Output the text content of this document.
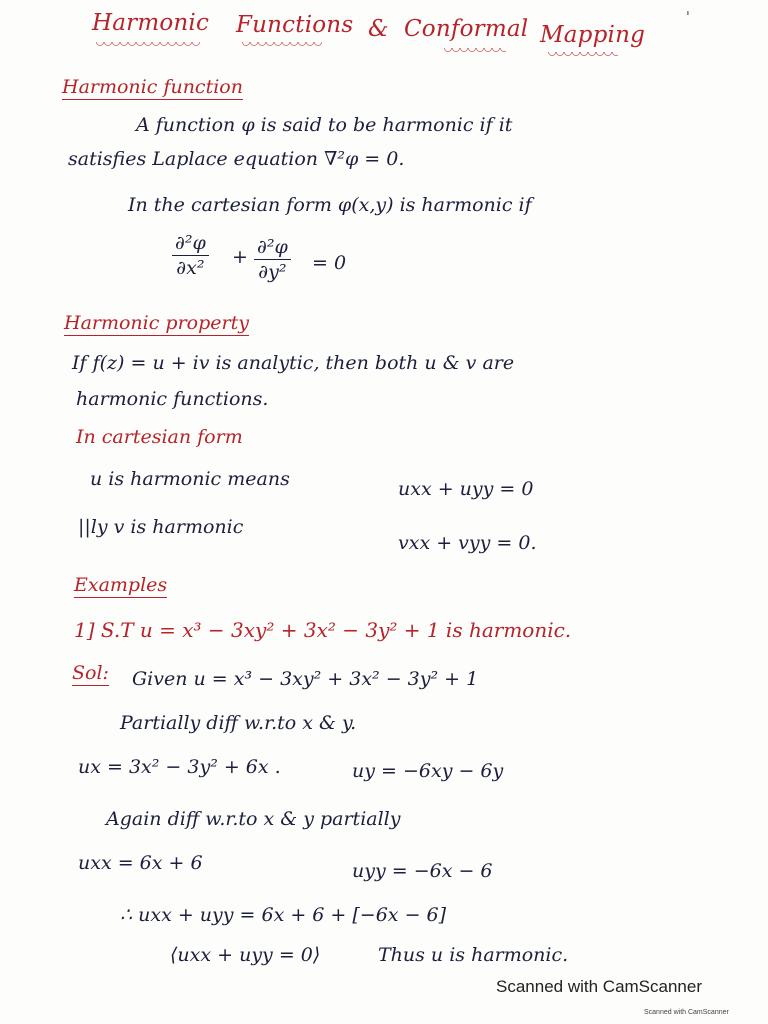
Harmonic Functions & Conformal Mapping
ˈ
Harmonic function
A function φ is said to be harmonic if it
satisfies Laplace equation ∇²φ = 0.
In the cartesian form φ(x,y) is harmonic if
$\frac{\text{∂²φ}}{\text{∂x²}} + \frac{\text{∂²φ}}{\text{∂y²}} = 0$
Harmonic property
If f(z) = u + iv is analytic, then both u & v are
harmonic functions.
In cartesian form
u is harmonic means	uxx + uyy = 0
||ly v is harmonic
vxx + vyy = 0.
Examples
1] S.T u = x³ − 3xy² + 3x² − 3y² + 1 is harmonic.
Sol: Given u = x³ − 3xy² + 3x² − 3y² + 1
Partially diff w.r.to x & y.
ux = 3x² − 3y² + 6x .	uy = −6xy − 6y
Again diff w.r.to x & y partially
uxx = 6x + 6	uyy = −6x − 6
∴ uxx + uyy = 6x + 6 + [−6x − 6]
⟨uxx + uyy = 0⟩	Thus u is harmonic.
Scanned with CamScanner
Scanned with CamScanner
